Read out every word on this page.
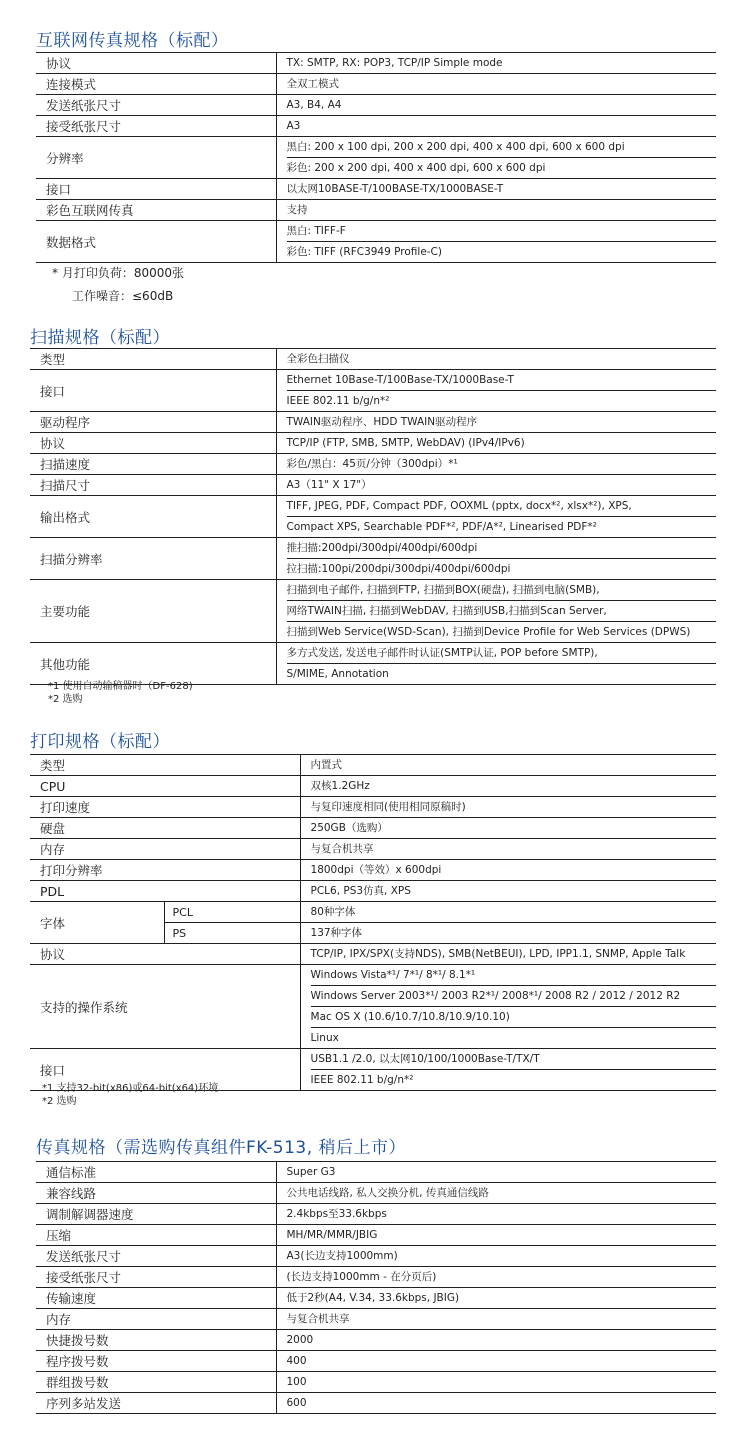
互联网传真规格（标配）
协议	TX: SMTP, RX: POP3, TCP/IP Simple mode

连接模式	全双工模式

发送纸张尺寸	A3, B4, A4

接受纸张尺寸	A3

分辨率	黑白: 200 x 100 dpi, 200 x 200 dpi, 400 x 400 dpi, 600 x 600 dpi
彩色: 200 x 200 dpi, 400 x 400 dpi, 600 x 600 dpi

接口	以太网10BASE-T/100BASE-TX/1000BASE-T

彩色互联网传真	支持

数据格式	黑白: TIFF-F
彩色: TIFF (RFC3949 Profile-C)
* 月打印负荷：80000张
工作噪音：≤60dB
扫描规格（标配）
类型	全彩色扫描仪

接口	Ethernet 10Base-T/100Base-TX/1000Base-T
IEEE 802.11 b/g/n*²

驱动程序	TWAIN驱动程序、HDD TWAIN驱动程序

协议	TCP/IP (FTP, SMB, SMTP, WebDAV) (IPv4/IPv6)

扫描速度	彩色/黑白：45页/分钟（300dpi）*¹

扫描尺寸	A3（11" X 17"）

输出格式	TIFF, JPEG, PDF, Compact PDF, OOXML (pptx, docx*², xlsx*²), XPS,
Compact XPS, Searchable PDF*², PDF/A*², Linearised PDF*²

扫描分辨率	推扫描:200dpi/300dpi/400dpi/600dpi
拉扫描:100pi/200dpi/300dpi/400dpi/600dpi

主要功能	扫描到电子邮件, 扫描到FTP, 扫描到BOX(硬盘), 扫描到电脑(SMB),
网络TWAIN扫描, 扫描到WebDAV, 扫描到USB,扫描到Scan Server,
扫描到Web Service(WSD-Scan), 扫描到Device Profile for Web Services (DPWS)

其他功能	多方式发送, 发送电子邮件时认证(SMTP认证, POP before SMTP),
S/MIME, Annotation
*1 使用自动输稿器时（DF-628)
*2 选购
打印规格（标配）
类型		内置式

CPU		双核1.2GHz

打印速度		与复印速度相同(使用相同原稿时)

硬盘		250GB（选购）

内存		与复合机共享

打印分辨率		1800dpi（等效）x 600dpi

PDL		PCL6, PS3仿真, XPS

字体	PCL	80种字体

	PS	137种字体

协议		TCP/IP, IPX/SPX(支持NDS), SMB(NetBEUI), LPD, IPP1.1, SNMP, Apple Talk

支持的操作系统		Windows Vista*¹/ 7*¹/ 8*¹/ 8.1*¹
Windows Server 2003*¹/ 2003 R2*¹/ 2008*¹/ 2008 R2 / 2012 / 2012 R2
Mac OS X (10.6/10.7/10.8/10.9/10.10)
Linux

接口		USB1.1 /2.0, 以太网10/100/1000Base-T/TX/T
IEEE 802.11 b/g/n*²
*1 支持32-bit(x86)或64-bit(x64)环境
*2 选购
传真规格（需选购传真组件FK-513, 稍后上市）
通信标准	Super G3

兼容线路	公共电话线路, 私人交换分机, 传真通信线路

调制解调器速度	2.4kbps至33.6kbps

压缩	MH/MR/MMR/JBIG

发送纸张尺寸	A3(长边支持1000mm)

接受纸张尺寸	(长边支持1000mm - 在分页后)

传输速度	低于2秒(A4, V.34, 33.6kbps, JBIG)

内存	与复合机共享

快捷拨号数	2000

程序拨号数	400

群组拨号数	100

序列多站发送	600
